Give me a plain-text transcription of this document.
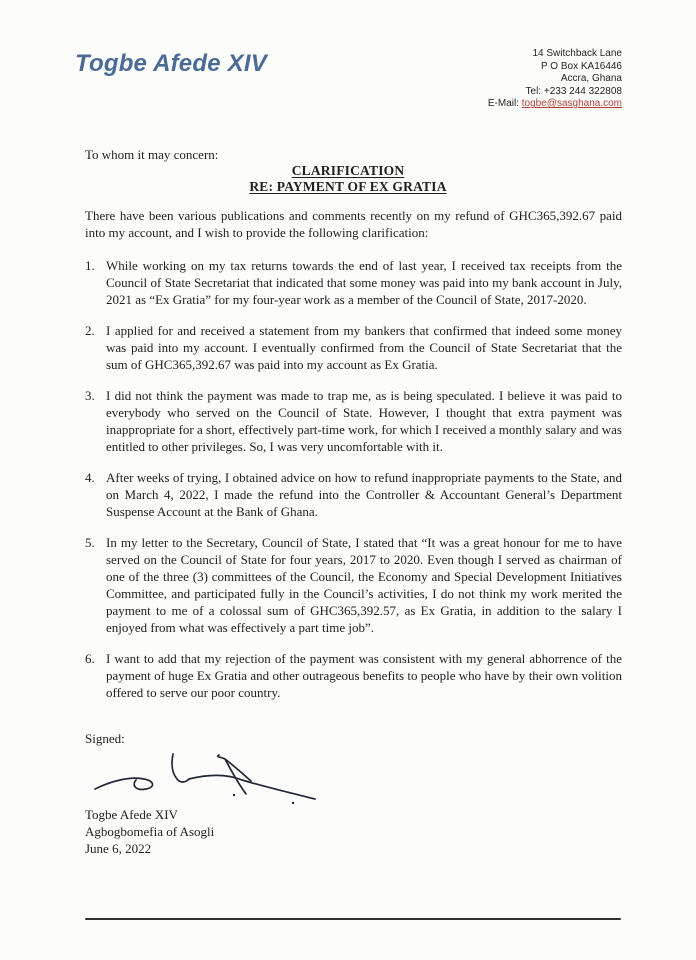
Togbe Afede XIV	14 Switchback Lane
P O Box KA16446
Accra, Ghana
Tel: +233 244 322808
E-Mail: togbe@sasghana.com
To whom it may concern:
CLARIFICATION
RE: PAYMENT OF EX GRATIA
There have been various publications and comments recently on my refund of GHC365,392.67 paid into my account, and I wish to provide the following clarification:
1. While working on my tax returns towards the end of last year, I received tax receipts from the Council of State Secretariat that indicated that some money was paid into my bank account in July, 2021 as “Ex Gratia” for my four-year work as a member of the Council of State, 2017-2020.
2. I applied for and received a statement from my bankers that confirmed that indeed some money was paid into my account. I eventually confirmed from the Council of State Secretariat that the sum of GHC365,392.67 was paid into my account as Ex Gratia.
3. I did not think the payment was made to trap me, as is being speculated. I believe it was paid to everybody who served on the Council of State. However, I thought that extra payment was inappropriate for a short, effectively part-time work, for which I received a monthly salary and was entitled to other privileges. So, I was very uncomfortable with it.
4. After weeks of trying, I obtained advice on how to refund inappropriate payments to the State, and on March 4, 2022, I made the refund into the Controller & Accountant General’s Department Suspense Account at the Bank of Ghana.
5. In my letter to the Secretary, Council of State, I stated that “It was a great honour for me to have served on the Council of State for four years, 2017 to 2020. Even though I served as chairman of one of the three (3) committees of the Council, the Economy and Special Development Initiatives Committee, and participated fully in the Council’s activities, I do not think my work merited the payment to me of a colossal sum of GHC365,392.57, as Ex Gratia, in addition to the salary I enjoyed from what was effectively a part time job”.
6. I want to add that my rejection of the payment was consistent with my general abhorrence of the payment of huge Ex Gratia and other outrageous benefits to people who have by their own volition offered to serve our poor country.
Signed:
Togbe Afede XIV
Agbogbomefia of Asogli
June 6, 2022
